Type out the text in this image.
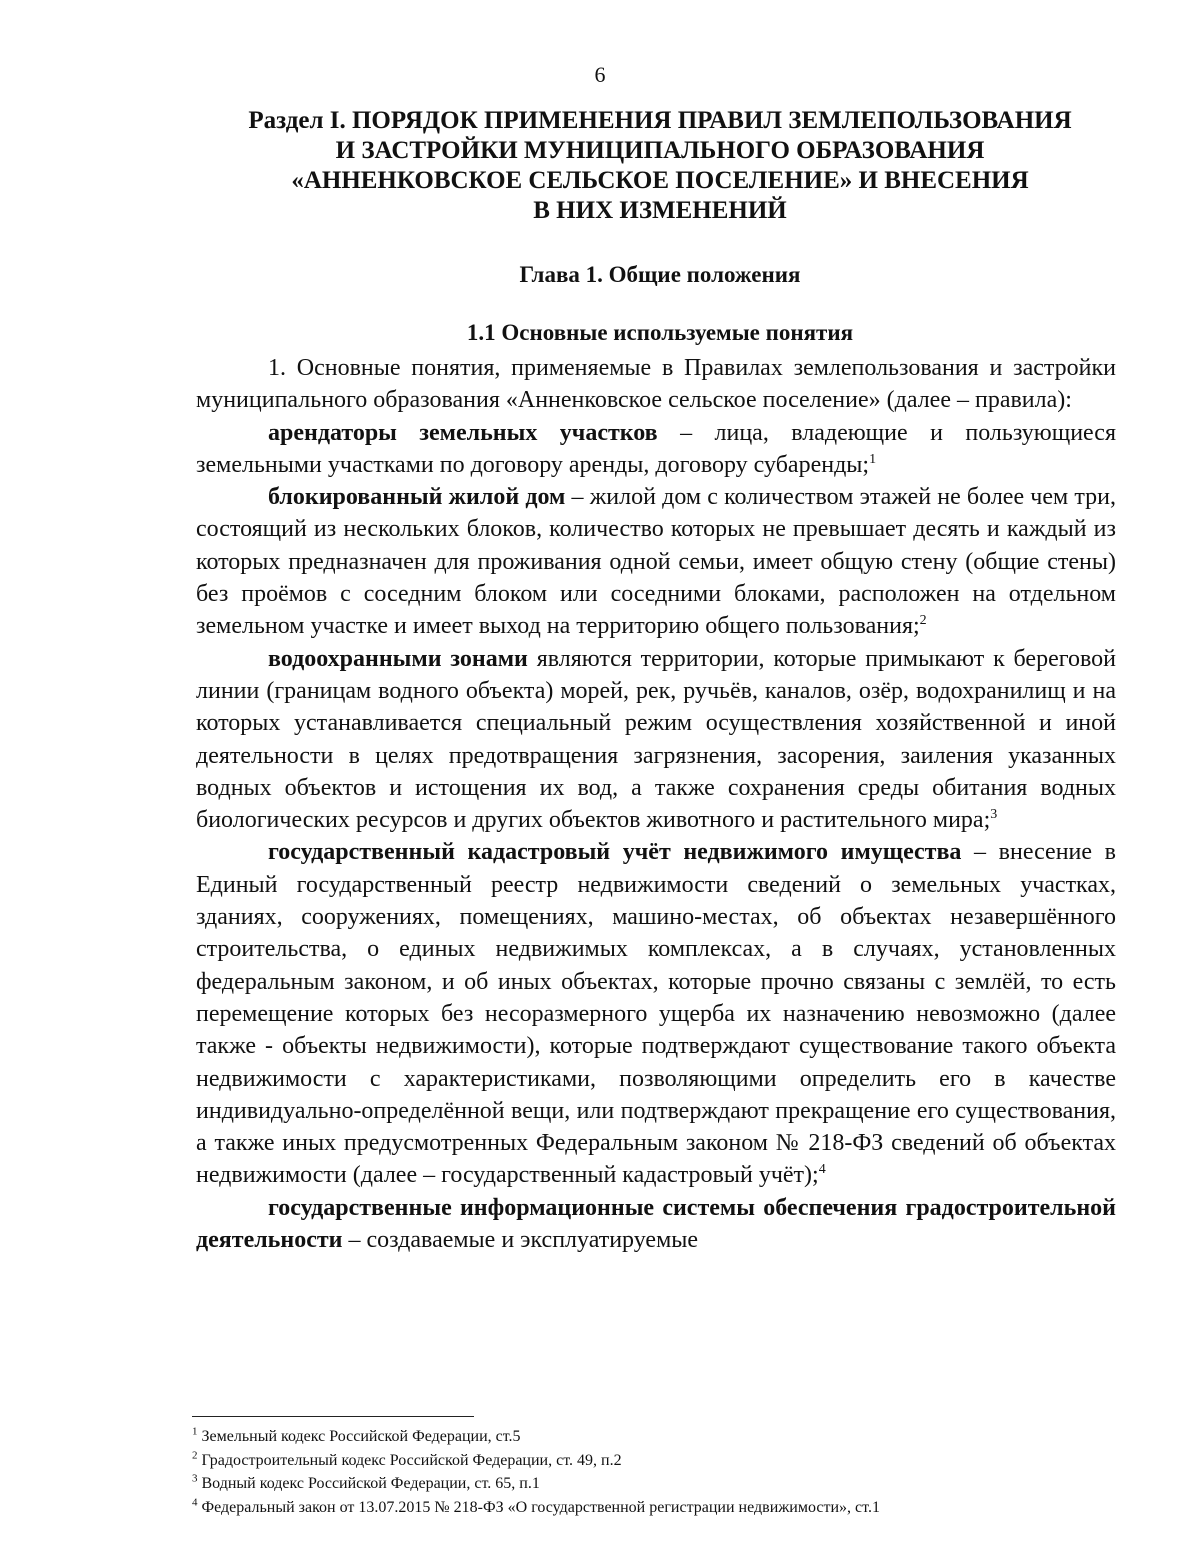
6
Раздел I. ПОРЯДОК ПРИМЕНЕНИЯ ПРАВИЛ ЗЕМЛЕПОЛЬЗОВАНИЯ
И ЗАСТРОЙКИ МУНИЦИПАЛЬНОГО ОБРАЗОВАНИЯ
«АННЕНКОВСКОЕ СЕЛЬСКОЕ ПОСЕЛЕНИЕ» И ВНЕСЕНИЯ
В НИХ ИЗМЕНЕНИЙ
Глава 1. Общие положения
1.1 Основные используемые понятия

1. Основные понятия, применяемые в Правилах землепользования и застройки муниципального образования «Анненковское сельское поселение» (далее – правила):

арендаторы земельных участков – лица, владеющие и пользующиеся земельными участками по договору аренды, договору субаренды;$^1$

блокированный жилой дом – жилой дом с количеством этажей не более чем три, состоящий из нескольких блоков, количество которых не превышает десять и каждый из которых предназначен для проживания одной семьи, имеет общую стену (общие стены) без проёмов с соседним блоком или соседними блоками, расположен на отдельном земельном участке и имеет выход на территорию общего пользования;$^2$

водоохранными зонами являются территории, которые примыкают к береговой линии (границам водного объекта) морей, рек, ручьёв, каналов, озёр, водохранилищ и на которых устанавливается специальный режим осуществления хозяйственной и иной деятельности в целях предотвращения загрязнения, засорения, заиления указанных водных объектов и истощения их вод, а также сохранения среды обитания водных биологических ресурсов и других объектов животного и растительного мира;$^3$

государственный кадастровый учёт недвижимого имущества – внесение в Единый государственный реестр недвижимости сведений о земельных участках, зданиях, сооружениях, помещениях, машино-местах, об объектах незавершённого строительства, о единых недвижимых комплексах, а в случаях, установленных федеральным законом, и об иных объектах, которые прочно связаны с землёй, то есть перемещение которых без несоразмерного ущерба их назначению невозможно (далее также - объекты недвижимости), которые подтверждают существование такого объекта недвижимости с характеристиками, позволяющими определить его в качестве индивидуально-определённой вещи, или подтверждают прекращение его существования, а также иных предусмотренных Федеральным законом № 218-ФЗ сведений об объектах недвижимости (далее – государственный кадастровый учёт);$^4$

государственные информационные системы обеспечения градостроительной деятельности – создаваемые и эксплуатируемые

$^1$ Земельный кодекс Российской Федерации, ст.5
$^2$ Градостроительный кодекс Российской Федерации, ст. 49, п.2
$^3$ Водный кодекс Российской Федерации, ст. 65, п.1
$^4$ Федеральный закон от 13.07.2015 № 218-ФЗ «О государственной регистрации недвижимости», ст.1
